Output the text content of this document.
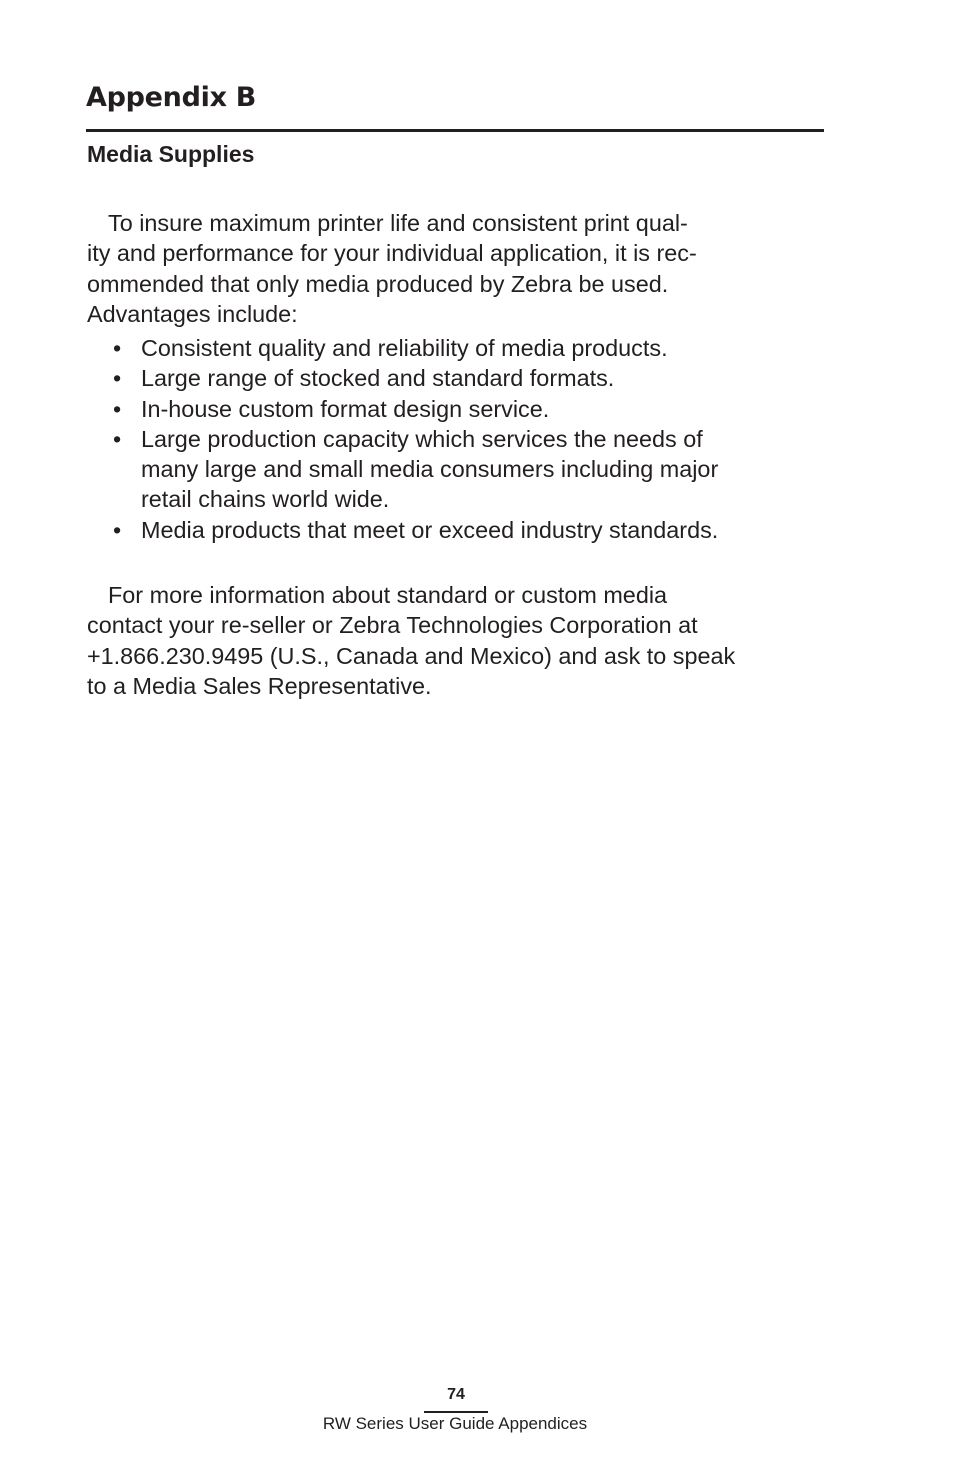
Appendix B
Media Supplies

To insure maximum printer life and consistent print qual-
ity and performance for your individual application, it is rec-
ommended that only media produced by Zebra be used.
Advantages include:

• Consistent quality and reliability of media products.
• Large range of stocked and standard formats.
• In-house custom format design service.
• Large production capacity which services the needs of
many large and small media consumers including major
retail chains world wide.
• Media products that meet or exceed industry standards.

For more information about standard or custom media
contact your re-seller or Zebra Technologies Corporation at
+1.866.230.9495 (U.S., Canada and Mexico) and ask to speak
to a Media Sales Representative.

74
RW Series User Guide Appendices
